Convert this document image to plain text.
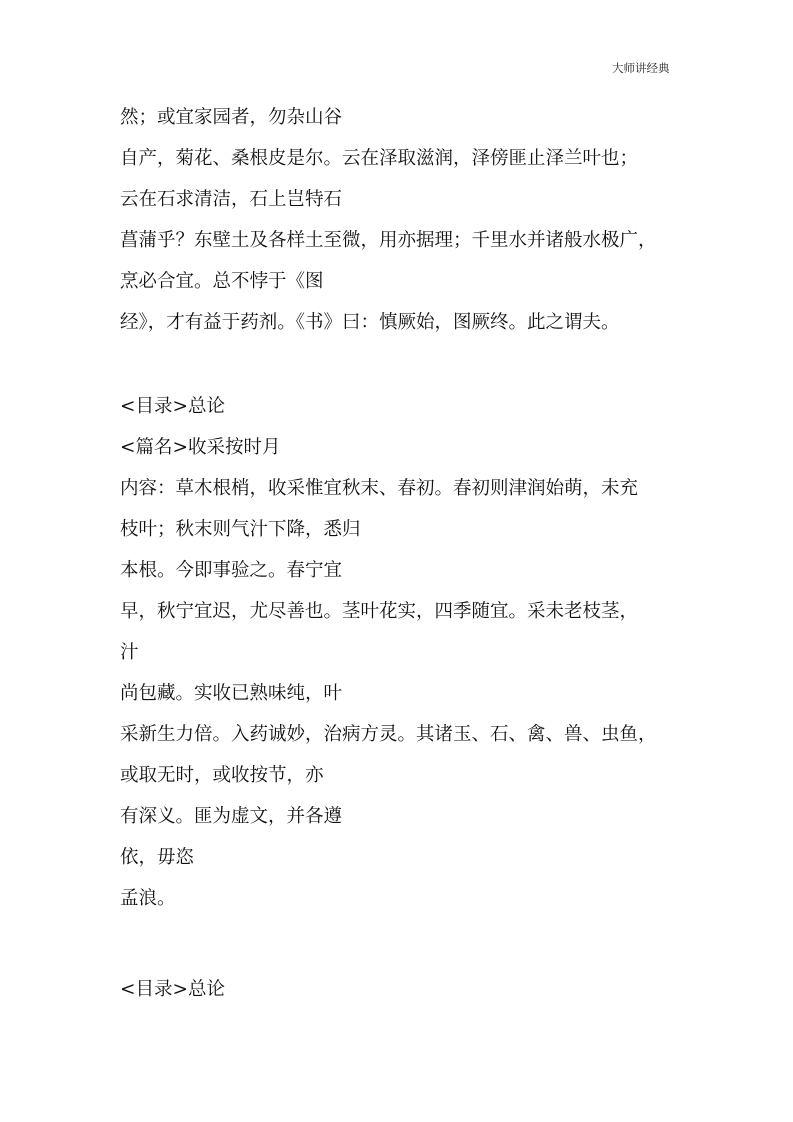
大师讲经典
然；或宜家园者，勿杂山谷
自产，菊花、桑根皮是尔。云在泽取滋润，泽傍匪止泽兰叶也；
云在石求清洁，石上岂特石
菖蒲乎？东壁土及各样土至微，用亦据理；千里水并诸般水极广，
烹必合宜。总不悖于《图
经》，才有益于药剂。《书》曰：慎厥始，图厥终。此之谓夫。
<目录>总论
<篇名>收采按时月
内容：草木根梢，收采惟宜秋末、春初。春初则津润始萌，未充
枝叶；秋末则气汁下降，悉归
本根。今即事验之。春宁宜
早，秋宁宜迟，尤尽善也。茎叶花实，四季随宜。采未老枝茎，
汁
尚包藏。实收已熟味纯，叶
采新生力倍。入药诚妙，治病方灵。其诸玉、石、禽、兽、虫鱼，
或取无时，或收按节，亦
有深义。匪为虚文，并各遵
依，毋恣
孟浪。
<目录>总论
